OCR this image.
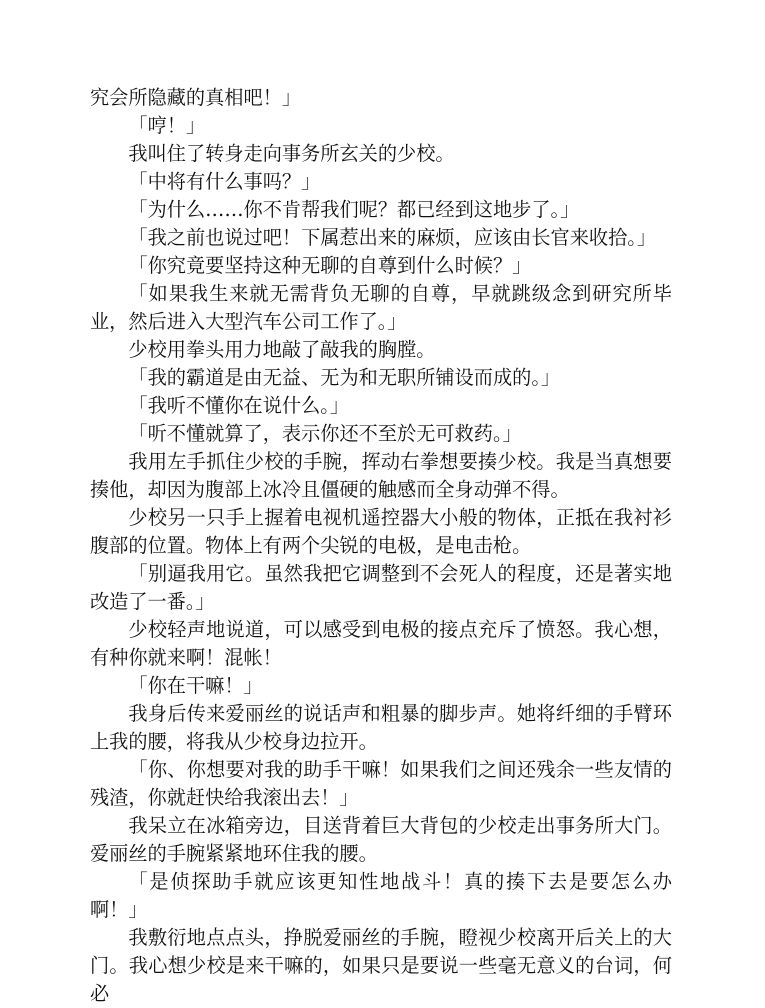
究会所隐藏的真相吧！」

「哼！」

我叫住了转身走向事务所玄关的少校。

「中将有什么事吗？」

「为什么……你不肯帮我们呢？都已经到这地步了。」

「我之前也说过吧！下属惹出来的麻烦，应该由长官来收拾。」

「你究竟要坚持这种无聊的自尊到什么时候？」

「如果我生来就无需背负无聊的自尊，早就跳级念到研究所毕业，然后进入大型汽车公司工作了。」

少校用拳头用力地敲了敲我的胸膛。

「我的霸道是由无益、无为和无职所铺设而成的。」

「我听不懂你在说什么。」

「听不懂就算了，表示你还不至於无可救药。」

我用左手抓住少校的手腕，挥动右拳想要揍少校。我是当真想要揍他，却因为腹部上冰冷且僵硬的触感而全身动弹不得。

少校另一只手上握着电视机遥控器大小般的物体，正抵在我衬衫腹部的位置。物体上有两个尖锐的电极，是电击枪。

「别逼我用它。虽然我把它调整到不会死人的程度，还是著实地改造了一番。」

少校轻声地说道，可以感受到电极的接点充斥了愤怒。我心想，有种你就来啊！混帐！

「你在干嘛！」

我身后传来爱丽丝的说话声和粗暴的脚步声。她将纤细的手臂环上我的腰，将我从少校身边拉开。

「你、你想要对我的助手干嘛！如果我们之间还残余一些友情的残渣，你就赶快给我滚出去！」

我呆立在冰箱旁边，目送背着巨大背包的少校走出事务所大门。爱丽丝的手腕紧紧地环住我的腰。

「是侦探助手就应该更知性地战斗！真的揍下去是要怎么办啊！」

我敷衍地点点头，挣脱爱丽丝的手腕，瞪视少校离开后关上的大门。我心想少校是来干嘛的，如果只是要说一些毫无意义的台词，何必
